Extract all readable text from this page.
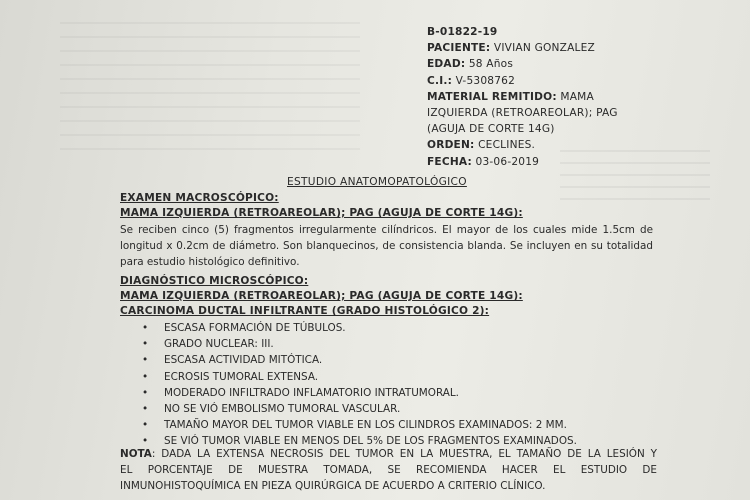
B-01822-19
PACIENTE: VIVIAN GONZALEZ
EDAD: 58 Años
C.I.: V-5308762
MATERIAL REMITIDO: MAMA
IZQUIERDA (RETROAREOLAR); PAG
(AGUJA DE CORTE 14G)
ORDEN: CECLINES.
FECHA: 03-06-2019
ESTUDIO ANATOMOPATOLÓGICO
EXAMEN MACROSCÓPICO:
MAMA IZQUIERDA (RETROAREOLAR); PAG (AGUJA DE CORTE 14G):
Se reciben cinco (5) fragmentos irregularmente cilíndricos. El mayor de los cuales mide 1.5cm de longitud x 0.2cm de diámetro. Son blanquecinos, de consistencia blanda. Se incluyen en su totalidad para estudio histológico definitivo.
DIAGNÓSTICO MICROSCÓPICO:
MAMA IZQUIERDA (RETROAREOLAR); PAG (AGUJA DE CORTE 14G):
CARCINOMA DUCTAL INFILTRANTE (GRADO HISTOLÓGICO 2):
• ESCASA FORMACIÓN DE TÚBULOS.
• GRADO NUCLEAR: III.
• ESCASA ACTIVIDAD MITÓTICA.
• ECROSIS TUMORAL EXTENSA.
• MODERADO INFILTRADO INFLAMATORIO INTRATUMORAL.
• NO SE VIÓ EMBOLISMO TUMORAL VASCULAR.
• TAMAÑO MAYOR DEL TUMOR VIABLE EN LOS CILINDROS EXAMINADOS: 2 MM.
• SE VIÓ TUMOR VIABLE EN MENOS DEL 5% DE LOS FRAGMENTOS EXAMINADOS.
NOTA: DADA LA EXTENSA NECROSIS DEL TUMOR EN LA MUESTRA, EL TAMAÑO DE LA LESIÓN Y
EL PORCENTAJE DE MUESTRA TOMADA, SE RECOMIENDA HACER EL ESTUDIO DE
INMUNOHISTOQUÍMICA EN PIEZA QUIRÚRGICA DE ACUERDO A CRITERIO CLÍNICO.
